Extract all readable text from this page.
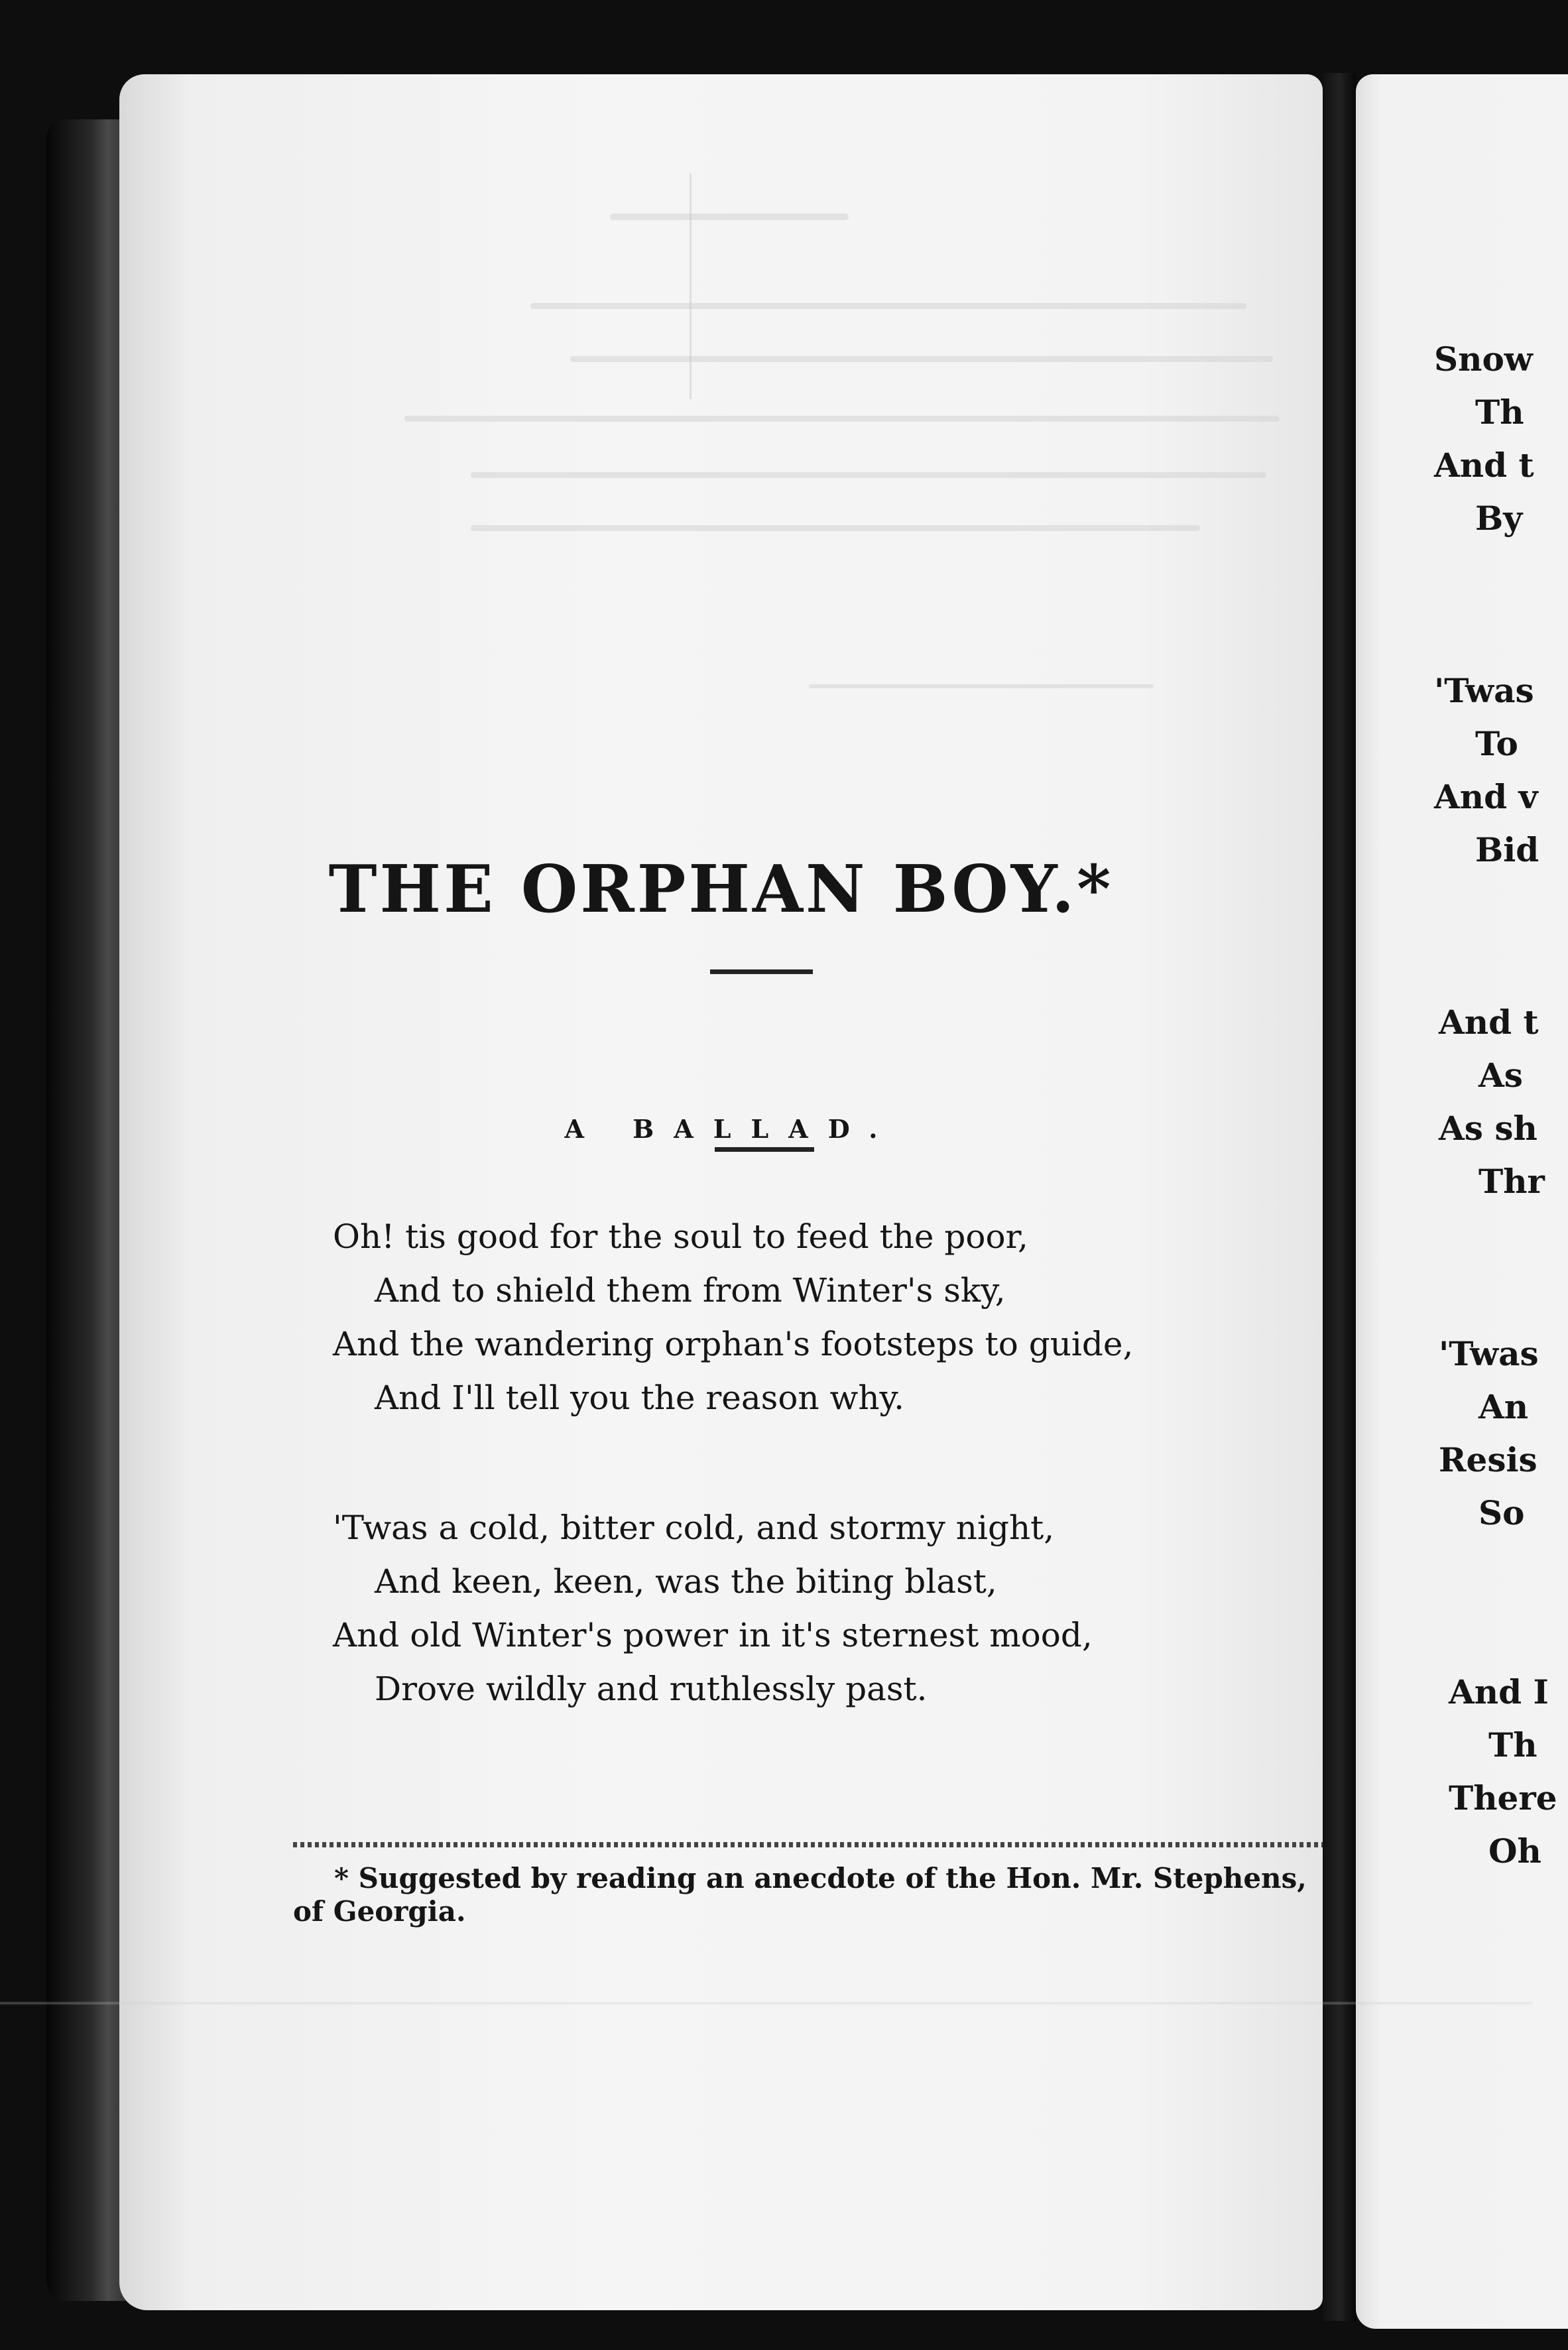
THE ORPHAN BOY.*
A BALLAD.
Oh! tis good for the soul to feed the poor,
And to shield them from Winter's sky,
And the wandering orphan's footsteps to guide,
And I'll tell you the reason why.
'Twas a cold, bitter cold, and stormy night,
And keen, keen, was the biting blast,
And old Winter's power in it's sternest mood,
Drove wildly and ruthlessly past.
* Suggested by reading an anecdote of the Hon. Mr. Stephens,
of Georgia.
Snow
Th
And t
By
'Twas
To
And v
Bid
And t
As
As sh
Thr
'Twas
An
Resis
So
And I
Th
There
Oh
